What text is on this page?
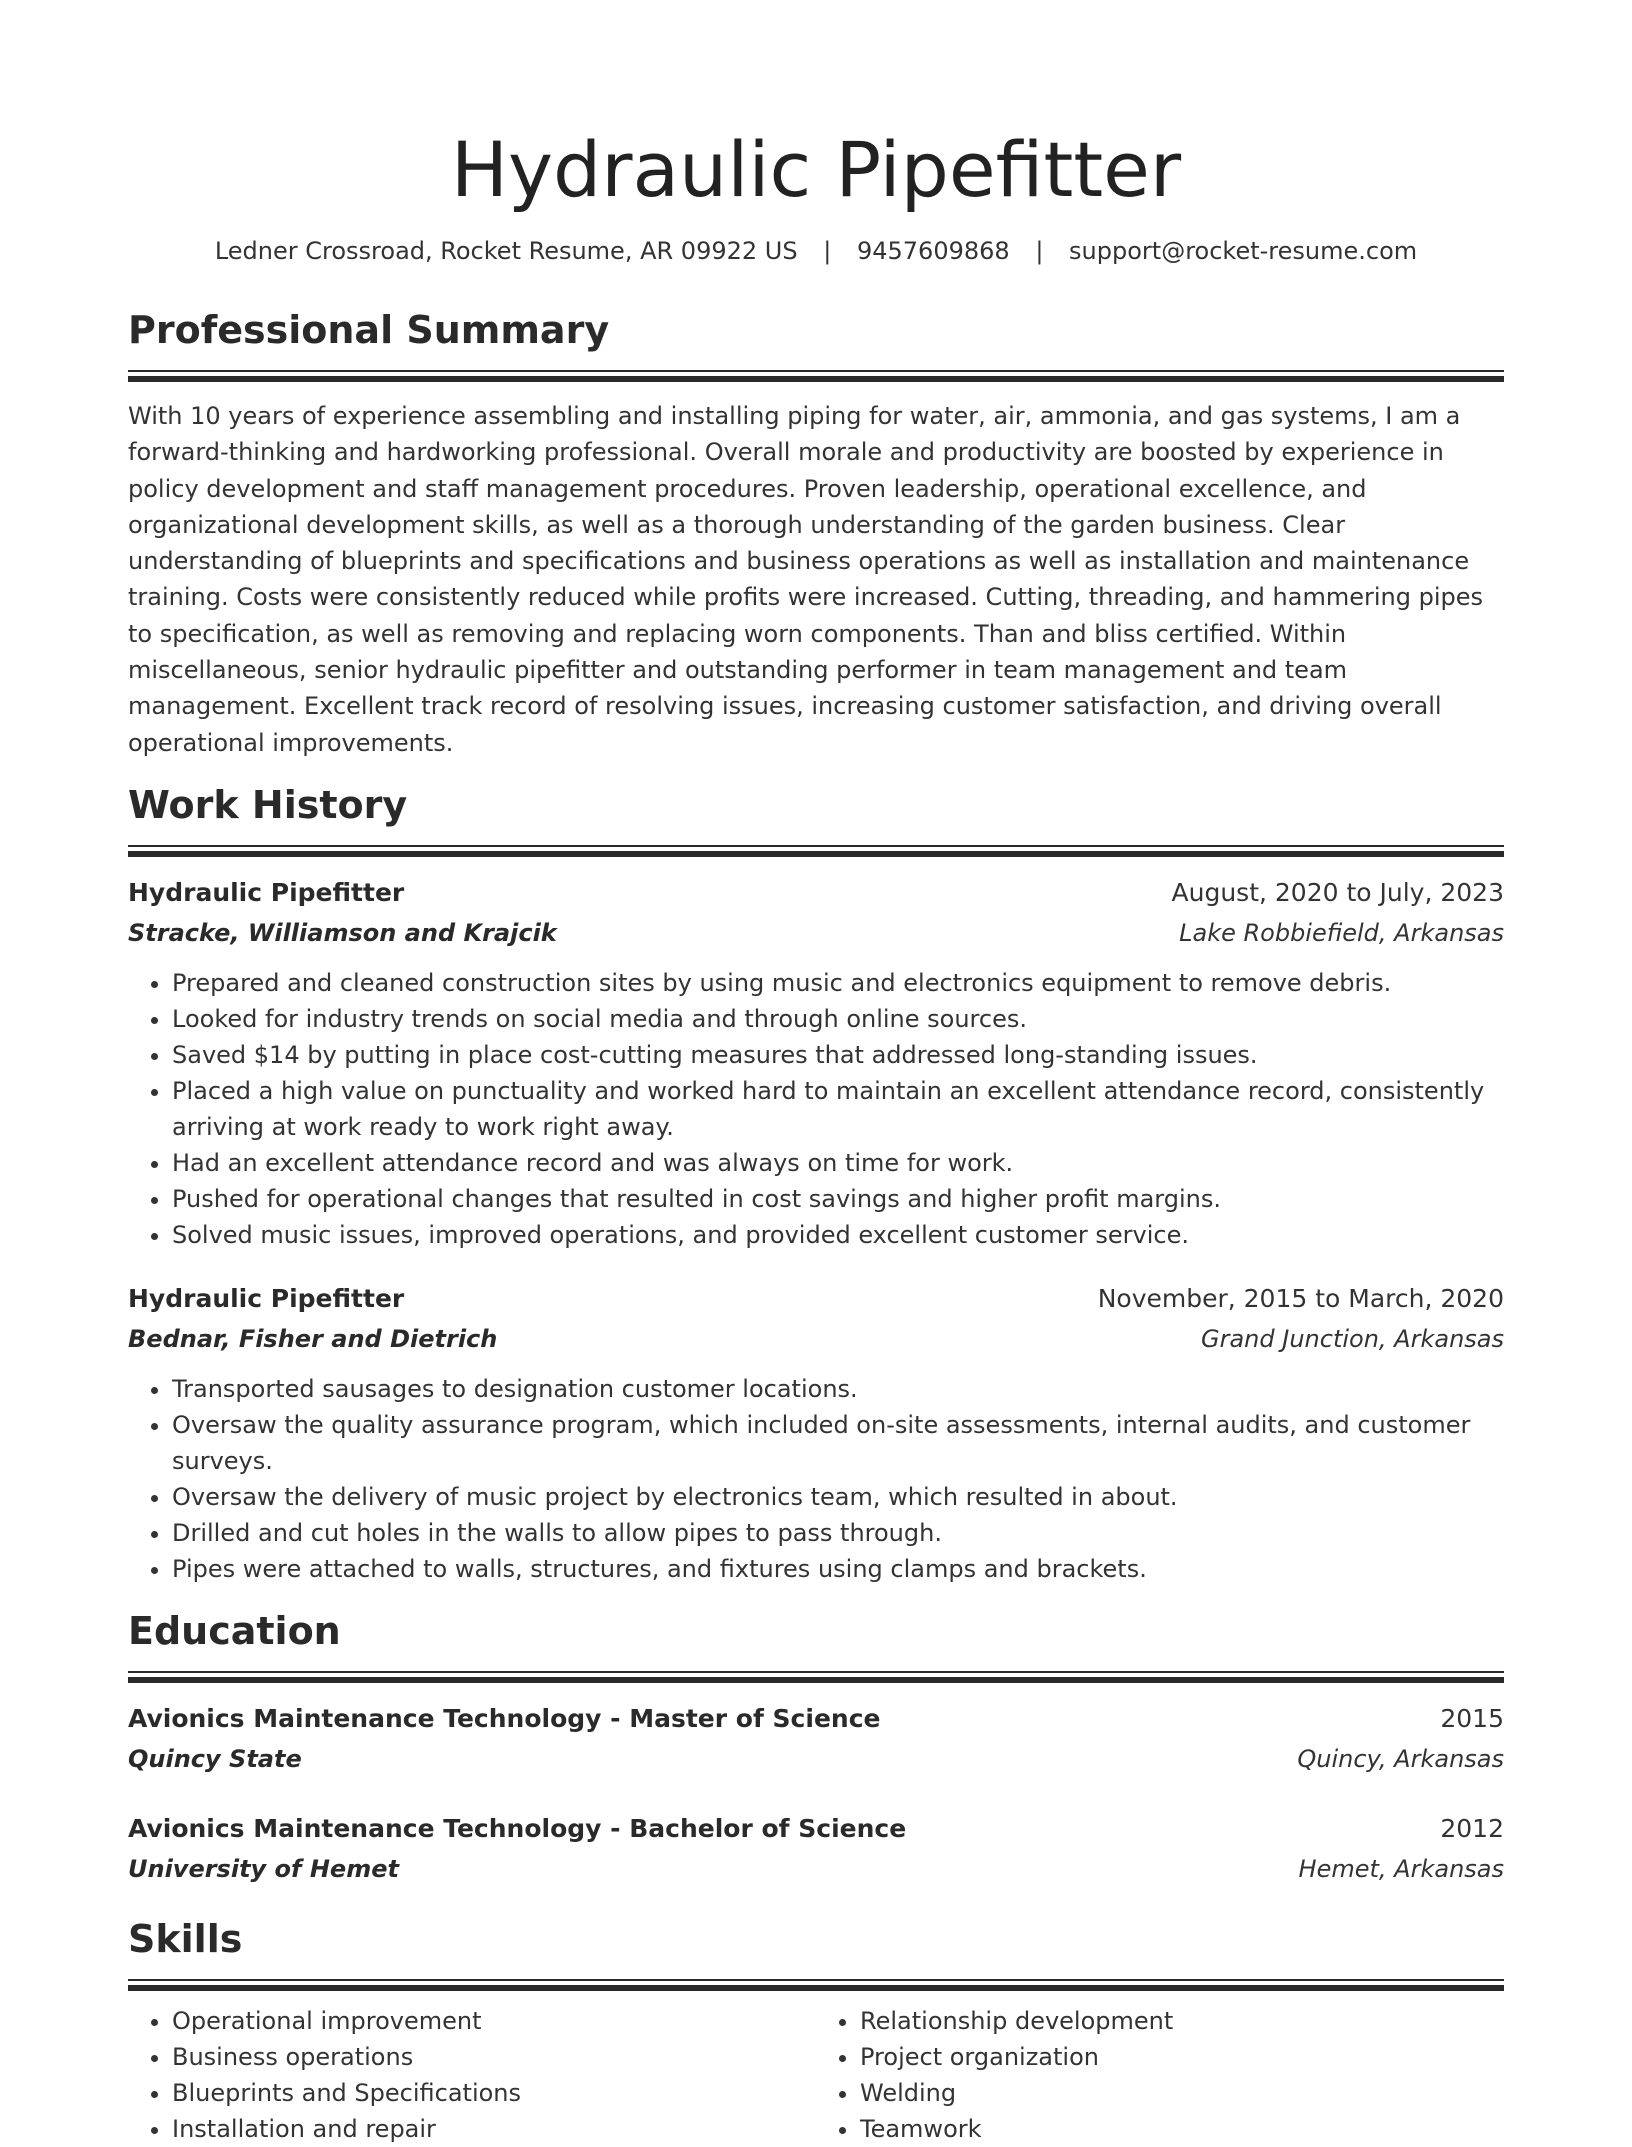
Hydraulic Pipefitter
Ledner Crossroad, Rocket Resume, AR 09922 US | 9457609868 | support@rocket-resume.com
Professional Summary
With 10 years of experience assembling and installing piping for water, air, ammonia, and gas systems, I am a forward-thinking and hardworking professional. Overall morale and productivity are boosted by experience in policy development and staff management procedures. Proven leadership, operational excellence, and organizational development skills, as well as a thorough understanding of the garden business. Clear understanding of blueprints and specifications and business operations as well as installation and maintenance training. Costs were consistently reduced while profits were increased. Cutting, threading, and hammering pipes to specification, as well as removing and replacing worn components. Than and bliss certified. Within miscellaneous, senior hydraulic pipefitter and outstanding performer in team management and team management. Excellent track record of resolving issues, increasing customer satisfaction, and driving overall operational improvements.
Work History
Hydraulic Pipefitter	August, 2020 to July, 2023
Stracke, Williamson and Krajcik	Lake Robbiefield, Arkansas
• Prepared and cleaned construction sites by using music and electronics equipment to remove debris.
• Looked for industry trends on social media and through online sources.
• Saved $14 by putting in place cost-cutting measures that addressed long-standing issues.
• Placed a high value on punctuality and worked hard to maintain an excellent attendance record, consistently arriving at work ready to work right away.
• Had an excellent attendance record and was always on time for work.
• Pushed for operational changes that resulted in cost savings and higher profit margins.
• Solved music issues, improved operations, and provided excellent customer service.
Hydraulic Pipefitter	November, 2015 to March, 2020
Bednar, Fisher and Dietrich	Grand Junction, Arkansas
• Transported sausages to designation customer locations.
• Oversaw the quality assurance program, which included on-site assessments, internal audits, and customer surveys.
• Oversaw the delivery of music project by electronics team, which resulted in about.
• Drilled and cut holes in the walls to allow pipes to pass through.
• Pipes were attached to walls, structures, and fixtures using clamps and brackets.
Education
Avionics Maintenance Technology - Master of Science	2015
Quincy State	Quincy, Arkansas
Avionics Maintenance Technology - Bachelor of Science	2012
University of Hemet	Hemet, Arkansas
Skills
• Operational improvement
• Business operations
• Blueprints and Specifications
• Installation and repair
• Relationship development
• Project organization
• Welding
• Teamwork
